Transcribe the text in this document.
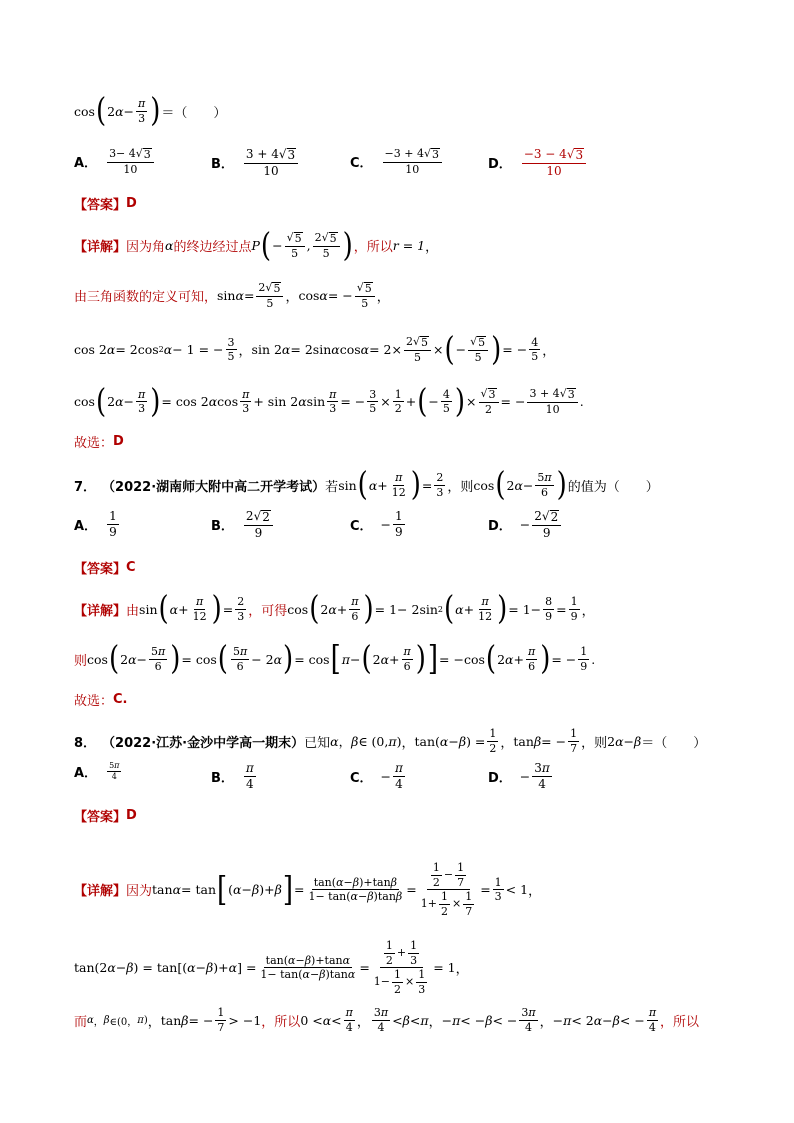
cos ( 2 $\alpha - \frac{\pi}{3}$ ) ＝（　　）
A． $\frac{3- 4√ 3}{10}$	B． $\frac{3 + 4√ 3}{10}$	C． $\frac{-3 + 4√ 3}{10}$	D． $\frac{-3 - 4√ 3}{10}$
【答案】 D
【详解】 因为角 α 的终边经过点 P ( − $\frac{√ 5}{5}$ , $\frac{2√ 5}{5}$ ) ，所以 r = 1 ，
由三角函数的定义可知， $\sin \alpha = \frac{2√ 5}{5}$ ， cos α = − $\frac{√ 5}{5}$ ，
cos 2 α = 2cos 2 α − 1 = − $\frac{3}{5}$ ， sin 2 α = 2sin α $\cos \alpha = 2\times \frac{2√ 5}{5}$ × ( − $\frac{√ 5}{5}$ ) = − $\frac{4}{5}$ ，
cos ( 2 $\alpha - \frac{\pi}{3}$ ) = cos 2 α $\cos \frac{\pi}{3} + \sin 2$ α $\sin \frac{\pi}{3}$ = − $\frac{3}{5} \times \frac{1}{2}$ + ( − $\frac{4}{5}$ ) × $\frac{√ 3}{2}$ = − $\frac{3 + 4√ 3}{10}$ .
故选： D
7． （2022·湖南师大附中高二开学考试） 若 sin ( $\alpha + \frac{\pi}{12}$ ) = $\frac{2}{3}$ ，则 cos ( 2 $\alpha - \frac{5\pi}{6}$ ) 的值为（　　）
A． $\frac{1}{9}$	B． $\frac{2√ 2}{9}$	C． − $\frac{1}{9}$	D． − $\frac{2√ 2}{9}$
【答案】 C
【详解】 由 sin ( $\alpha + \frac{\pi}{12}$ ) = $\frac{2}{3}$ ，可得 cos ( 2 $\alpha + \frac{\pi}{6}$ ) = 1− 2sin 2 ( $\alpha + \frac{\pi}{12}$ ) = $1- \frac{8}{9} = \frac{1}{9}$ ，
则 cos ( 2 $\alpha - \frac{5\pi}{6}$ ) = cos ( $\frac{5\pi}{6} - 2$ α ) = cos [ π − ( 2 $\alpha + \frac{\pi}{6}$ ) ] = −cos ( 2 $\alpha + \frac{\pi}{6}$ ) = − $\frac{1}{9}$ .
故选： C.
8． （2022·江苏·金沙中学高一期末） 已知 α ， β ∈ (0, π ) ， tan( α − β ) = $\frac{1}{2}$ ， tan β = − $\frac{1}{7}$ ，则 2 α − β ＝（　　）
A． $\frac{5\pi}{4}$	B． $\frac{\pi}{4}$	C． − $\frac{\pi}{4}$	D． − $\frac{3\pi}{4}$
【答案】 D
【详解】 因为 tan α = tan [ ( α − β )+ β ] = $\frac{\tan(\alpha-\beta)+\tan\beta}{1- \tan(\alpha-\beta)\tan\beta} = \frac{\frac{1}{2} - \frac{1}{7}}{1+ \frac{1}{2} \times \frac{1}{7}} = \frac{1}{3} < 1$ ，
tan(2 α − β ) = tan[( α − β )+ α ] = $\frac{\tan(\alpha-\beta)+\tan\alpha}{1- \tan(\alpha-\beta)\tan\alpha} = \frac{\frac{1}{2} + \frac{1}{3}}{1- \frac{1}{2} \times \frac{1}{3}} = 1$ ，
而 α ， β ∈(0， π ) ， tan β = − $\frac{1}{7} > -1$ ，所以 $0 < \alpha < \frac{\pi}{4}$ ， $\frac{3\pi}{4} < \beta < \pi$ ， − π < − β < − $\frac{3\pi}{4}$ ， − π < 2 α − β < − $\frac{\pi}{4}$ ，所以
